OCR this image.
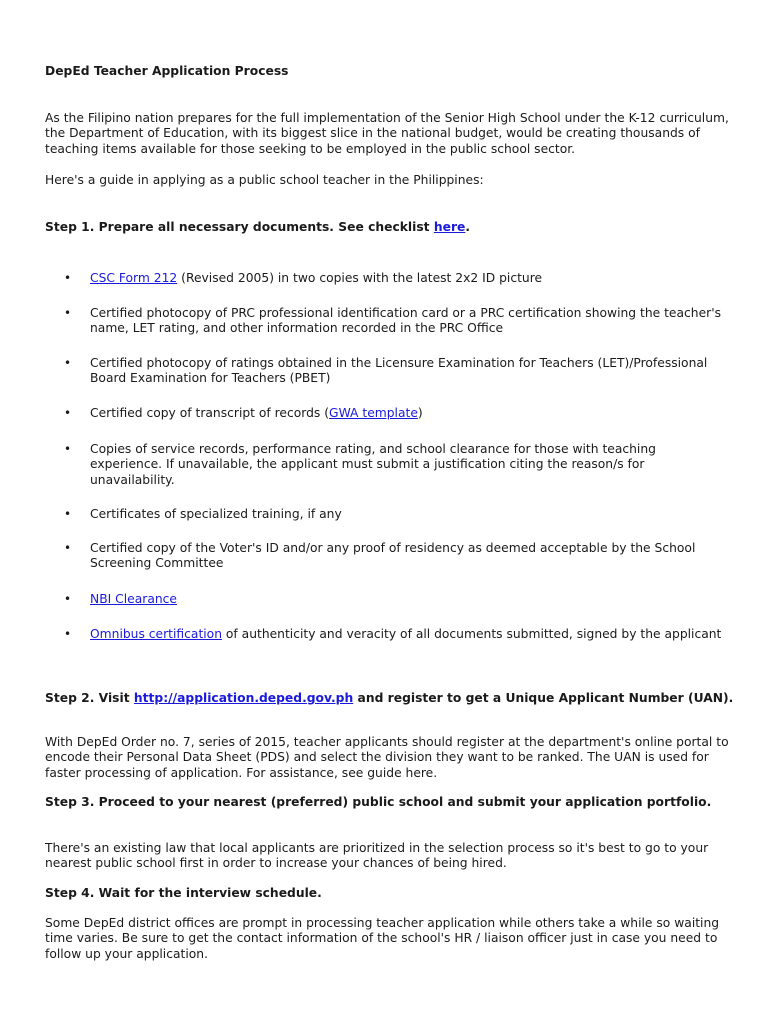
DepEd Teacher Application Process

As the Filipino nation prepares for the full implementation of the Senior High School under the K-12 curriculum, the Department of Education, with its biggest slice in the national budget, would be creating thousands of teaching items available for those seeking to be employed in the public school sector.

Here's a guide in applying as a public school teacher in the Philippines:

Step 1. Prepare all necessary documents. See checklist here.

•	CSC Form 212 (Revised 2005) in two copies with the latest 2x2 ID picture

•	Certified photocopy of PRC professional identification card or a PRC certification showing the teacher's name, LET rating, and other information recorded in the PRC Office

•	Certified photocopy of ratings obtained in the Licensure Examination for Teachers (LET)/Professional Board Examination for Teachers (PBET)

•	Certified copy of transcript of records (GWA template)

•	Copies of service records, performance rating, and school clearance for those with teaching experience. If unavailable, the applicant must submit a justification citing the reason/s for unavailability.

•	Certificates of specialized training, if any

•	Certified copy of the Voter's ID and/or any proof of residency as deemed acceptable by the School Screening Committee

•	NBI Clearance

•	Omnibus certification of authenticity and veracity of all documents submitted, signed by the applicant

Step 2. Visit http://application.deped.gov.ph and register to get a Unique Applicant Number (UAN).

With DepEd Order no. 7, series of 2015, teacher applicants should register at the department's online portal to encode their Personal Data Sheet (PDS) and select the division they want to be ranked. The UAN is used for faster processing of application. For assistance, see guide here.

Step 3. Proceed to your nearest (preferred) public school and submit your application portfolio.

There's an existing law that local applicants are prioritized in the selection process so it's best to go to your nearest public school first in order to increase your chances of being hired.

Step 4. Wait for the interview schedule.

Some DepEd district offices are prompt in processing teacher application while others take a while so waiting time varies. Be sure to get the contact information of the school's HR / liaison officer just in case you need to follow up your application.
